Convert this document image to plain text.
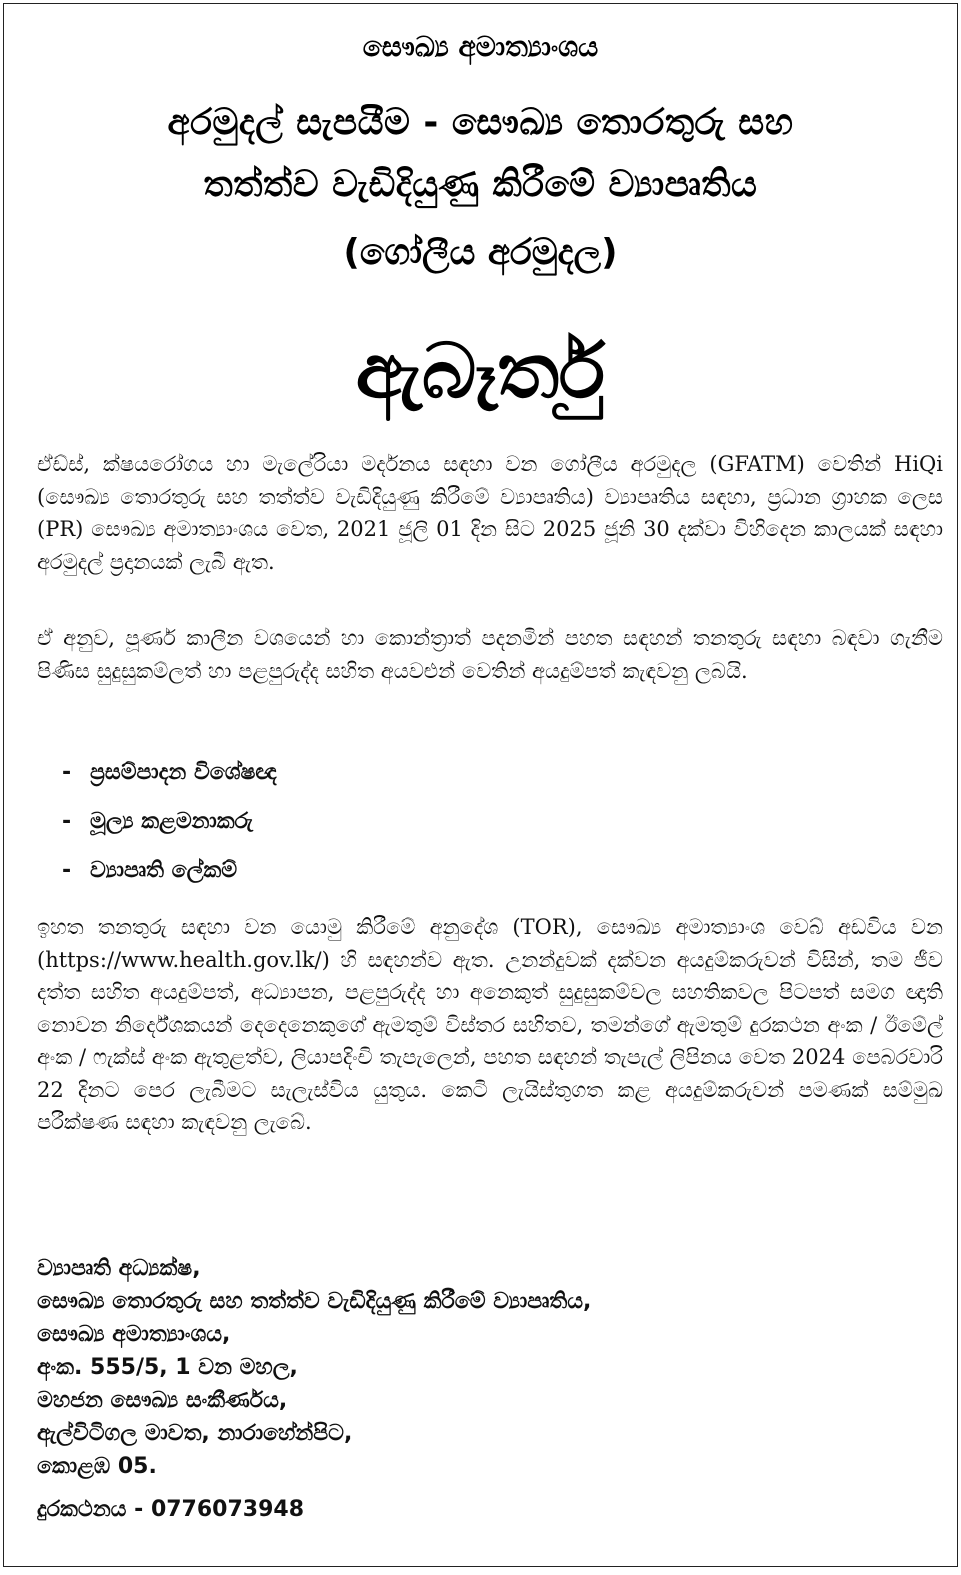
සෞඛ්‍ය අමාත්‍යාංශය
අරමුදල් සැපයීම - සෞඛ්‍ය තොරතුරු සහ
තත්ත්ව වැඩිදියුණු කිරීමේ ව්‍යාපෘතිය
(ගෝලීය අරමුදල)
ඇබෑර්තු
ඒඩ්ස්, ක්ෂයරෝගය හා මැලේරියා මර්දනය සඳහා වන ගෝලීය අරමුදල (GFATM) වෙතින් HiQi (සෞඛ්‍ය තොරතුරු සහ තත්ත්ව වැඩිදියුණු කිරීමේ ව්‍යාපෘතිය) ව්‍යාපෘතිය සඳහා, ප්‍රධාන ග්‍රාහක ලෙස (PR) සෞඛ්‍ය අමාත්‍යාංශය වෙත, 2021 ජූලි 01 දින සිට 2025 ජූනි 30 දක්වා විහිදෙන කාලයක් සඳහා අරමුදල් ප්‍රදානයක් ලැබී ඇත.
ඒ අනුව, පූර්ණ කාලීන වශයෙන් හා කොන්ත්‍රාත් පදනමින් පහත සඳහන් තනතුරු සඳහා බඳවා ගැනීම පිණිස සුදුසුකම්ලත් හා පළපුරුද්ද සහිත අයවළුන් වෙතින් අයදුම්පත් කැඳවනු ලබයි.
- ප්‍රසම්පාදන විශේෂඥ
- මූල්‍ය කළමනාකරු
- ව්‍යාපෘති ලේකම්
ඉහත තනතුරු සඳහා වන යොමු කිරීමේ අනුදේශ (TOR), සෞඛ්‍ය අමාත්‍යාංශ වෙබ් අඩවිය වන (https://www.health.gov.lk/) හි සඳහන්ව ඇත. උනන්දුවක් දක්වන අයදුම්කරුවන් විසින්, තම ජීව දත්ත සහිත අයදුම්පත්, අධ්‍යාපන, පළපුරුද්ද හා අනෙකුත් සුදුසුකම්වල සහතිකවල පිටපත් සමග ඥාති නොවන නිර්දේශකයන් දෙදෙනෙකුගේ ඇමතුම් විස්තර සහිතව, තමන්ගේ ඇමතුම් දුරකථන අංක / ඊමේල් අංක / ෆැක්ස් අංක ඇතුළත්ව, ලියාපදිංචි තැපැලෙන්, පහත සඳහන් තැපැල් ලිපිනය වෙත 2024 පෙබරවාරි 22 දිනට පෙර ලැබීමට සැලැස්විය යුතුය. කෙටි ලැයිස්තුගත කළ අයදුම්කරුවන් පමණක් සම්මුඛ පරීක්ෂණ සඳහා කැඳවනු ලැබේ.
ව්‍යාපෘති අධ්‍යක්ෂ,
සෞඛ්‍ය තොරතුරු සහ තත්ත්ව වැඩිදියුණු කිරීමේ ව්‍යාපෘතිය,
සෞඛ්‍ය අමාත්‍යාංශය,
අංක. 555/5, 1 වන මහල,
මහජන සෞඛ්‍ය සංකීර්ණය,
ඇල්විටිගල මාවත, නාරාහේන්පිට,
කොළඹ 05.
දුරකථනය - 0776073948
